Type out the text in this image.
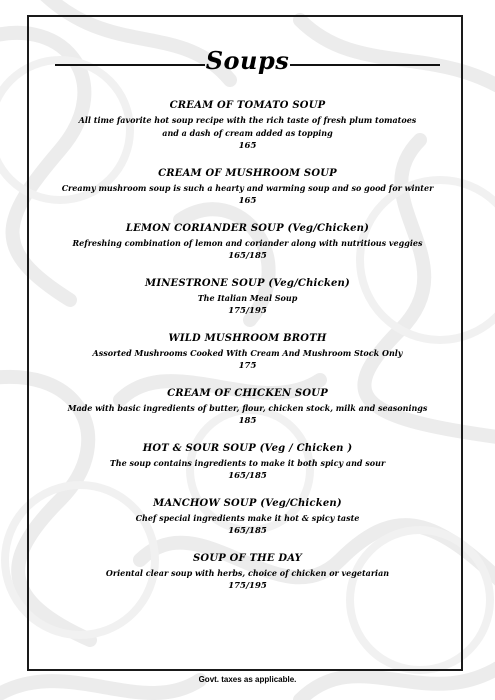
Soups
CREAM OF TOMATO SOUP
All time favorite hot soup recipe with the rich taste of fresh plum tomatoes
and a dash of cream added as topping
165
CREAM OF MUSHROOM SOUP
Creamy mushroom soup is such a hearty and warming soup and so good for winter
165
LEMON CORIANDER SOUP (Veg/Chicken)
Refreshing combination of lemon and coriander along with nutritious veggies
165/185
MINESTRONE SOUP (Veg/Chicken)
The Italian Meal Soup
175/195
WILD MUSHROOM BROTH
Assorted Mushrooms Cooked With Cream And Mushroom Stock Only
175
CREAM OF CHICKEN SOUP
Made with basic ingredients of butter, flour, chicken stock, milk and seasonings
185
HOT & SOUR SOUP (Veg / Chicken )
The soup contains ingredients to make it both spicy and sour
165/185
MANCHOW SOUP (Veg/Chicken)
Chef special ingredients make it hot & spicy taste
165/185
SOUP OF THE DAY
Oriental clear soup with herbs, choice of chicken or vegetarian
175/195
Govt. taxes as applicable.
